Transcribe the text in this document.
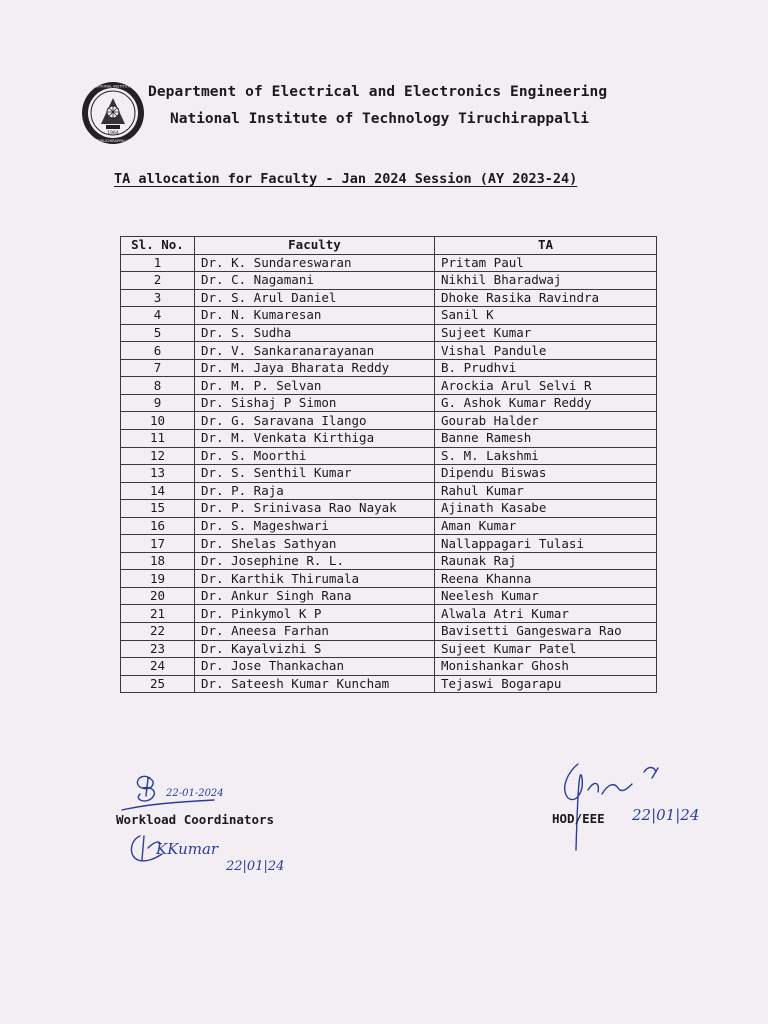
1964
NATIONAL INSTITUTE
TIRUCHIRAPPALLI
Department of Electrical and Electronics Engineering
National Institute of Technology Tiruchirappalli
TA allocation for Faculty - Jan 2024 Session (AY 2023-24)
Sl. No.	Faculty	TA
1	Dr. K. Sundareswaran	Pritam Paul
2	Dr. C. Nagamani	Nikhil Bharadwaj
3	Dr. S. Arul Daniel	Dhoke Rasika Ravindra
4	Dr. N. Kumaresan	Sanil K
5	Dr. S. Sudha	Sujeet Kumar
6	Dr. V. Sankaranarayanan	Vishal Pandule
7	Dr. M. Jaya Bharata Reddy	B. Prudhvi
8	Dr. M. P. Selvan	Arockia Arul Selvi R
9	Dr. Sishaj P Simon	G. Ashok Kumar Reddy
10	Dr. G. Saravana Ilango	Gourab Halder
11	Dr. M. Venkata Kirthiga	Banne Ramesh
12	Dr. S. Moorthi	S. M. Lakshmi
13	Dr. S. Senthil Kumar	Dipendu Biswas
14	Dr. P. Raja	Rahul Kumar
15	Dr. P. Srinivasa Rao Nayak	Ajinath Kasabe
16	Dr. S. Mageshwari	Aman Kumar
17	Dr. Shelas Sathyan	Nallappagari Tulasi
18	Dr. Josephine R. L.	Raunak Raj
19	Dr. Karthik Thirumala	Reena Khanna
20	Dr. Ankur Singh Rana	Neelesh Kumar
21	Dr. Pinkymol K P	Alwala Atri Kumar
22	Dr. Aneesa Farhan	Bavisetti Gangeswara Rao
23	Dr. Kayalvizhi S	Sujeet Kumar Patel
24	Dr. Jose Thankachan	Monishankar Ghosh
25	Dr. Sateesh Kumar Kuncham	Tejaswi Bogarapu
22-01-2024
Workload Coordinators
KKumar
22|01|24
HOD/EEE 22|01|24
